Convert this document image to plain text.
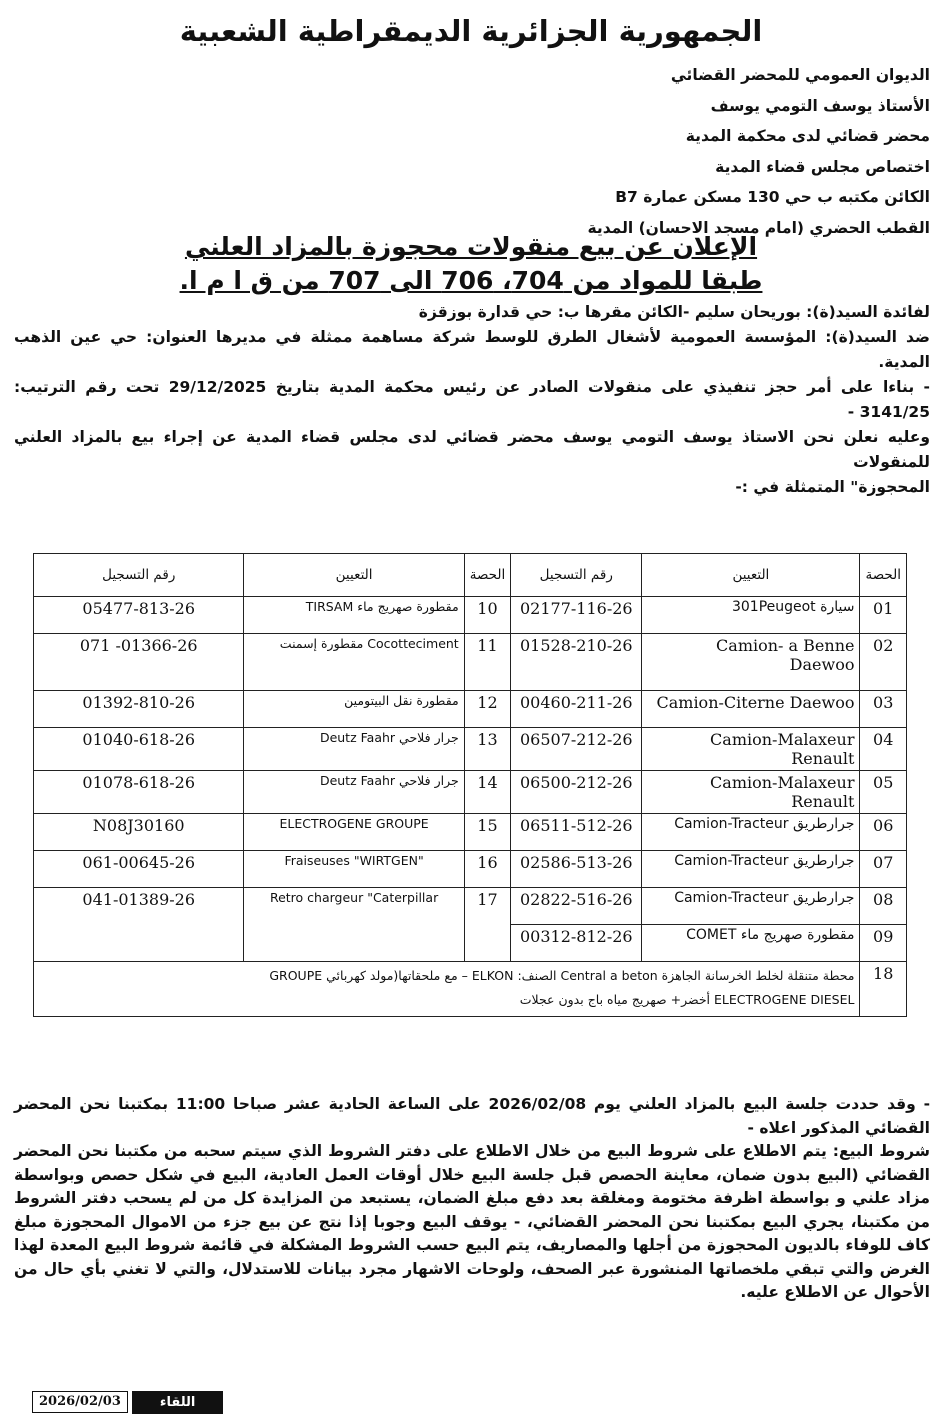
الجمهورية الجزائرية الديمقراطية الشعبية
الديوان العمومي للمحضر القضائي
الأستاذ يوسف التومي يوسف
محضر قضائي لدى محكمة المدية
اختصاص مجلس قضاء المدية
الكائن مكتبه ب حي 130 مسكن عمارة B7
القطب الحضري (امام مسجد الاحسان) المدية
الإعلان عن بيع منقولات محجوزة بالمزاد العلني
طبقا للمواد من 704، 706 الى 707 من ق ا م ا.

لفائدة السيد(ة): بوريحان سليم -الكائن مقرها ب: حي قدارة بوزقزة

ضد السيد(ة): المؤسسة العمومية لأشغال الطرق للوسط شركة مساهمة ممثلة في مديرها العنوان: حي عين الذهب المدية.

- بناءا على أمر حجز تنفيذي على منقولات الصادر عن رئيس محكمة المدية بتاريخ 29/12/2025 تحت رقم الترتيب: 3141/25 -

وعليه نعلن نحن الاستاذ يوسف التومي يوسف محضر قضائي لدى مجلس قضاء المدية عن إجراء بيع بالمزاد العلني للمنقولات

المحجوزة" المتمثلة في :-

الحصة	التعيين	رقم التسجيل	الحصة	التعيين	رقم التسجيل
01	سيارة 301Peugeot	02177-116-26	10	مقطورة صهريج ماء TIRSAM	05477-813-26
02	Camion- a Benne Daewoo	01528-210-26	11	Cocotteciment مقطورة إسمنت	071 -01366-26
03	Camion-Citerne Daewoo	00460-211-26	12	مقطورة نقل البيتومين	01392-810-26
04	Camion-Malaxeur Renault	06507-212-26	13	جرار فلاحي Deutz Faahr	01040-618-26
05	Camion-Malaxeur Renault	06500-212-26	14	جرار فلاحي Deutz Faahr	01078-618-26
06	جرارطريق Camion-Tracteur	06511-512-26	15	ELECTROGENE GROUPE	N08J30160
07	جرارطريق Camion-Tracteur	02586-513-26	16	Fraiseuses "WIRTGEN"	061-00645-26
08	جرارطريق Camion-Tracteur	02822-516-26	17	Retro chargeur "Caterpillar	041-01389-26
09	مقطورة صهريج ماء COMET	00312-812-26			
18	محطة متنقلة لخلط الخرسانة الجاهزة Central a beton الصنف: ELKON – مع ملحقاتها(مولد كهربائي GROUPE
ELECTROGENE DIESEL أخضر+ صهريج مياه باج بدون عجلات				

- وقد حددت جلسة البيع بالمزاد العلني يوم 2026/02/08 على الساعة الحادية عشر صباحا 11:00 بمكتبنا نحن المحضر القضائي المذكور اعلاه -

شروط البيع: يتم الاطلاع على شروط البيع من خلال الاطلاع على دفتر الشروط الذي سيتم سحبه من مكتبنا نحن المحضر القضائي (البيع بدون ضمان، معاينة الحصص قبل جلسة البيع خلال أوقات العمل العادية، البيع في شكل حصص وبواسطة مزاد علني و بواسطة اظرفة مختومة ومغلقة بعد دفع مبلغ الضمان، يستبعد من المزايدة كل من لم يسحب دفتر الشروط من مكتبنا، يجري البيع بمكتبنا نحن المحضر القضائي، - يوقف البيع وجوبا إذا نتج عن بيع جزء من الاموال المحجوزة مبلغ كاف للوفاء بالديون المحجوزة من أجلها والمصاريف، يتم البيع حسب الشروط المشكلة في قائمة شروط البيع المعدة لهذا الغرض والتي تبقي ملخصاتها المنشورة عبر الصحف، ولوحات الاشهار مجرد بيانات للاستدلال، والتي لا تغني بأي حال من الأحوال عن الاطلاع عليه.

2026/02/03	اللقاء
